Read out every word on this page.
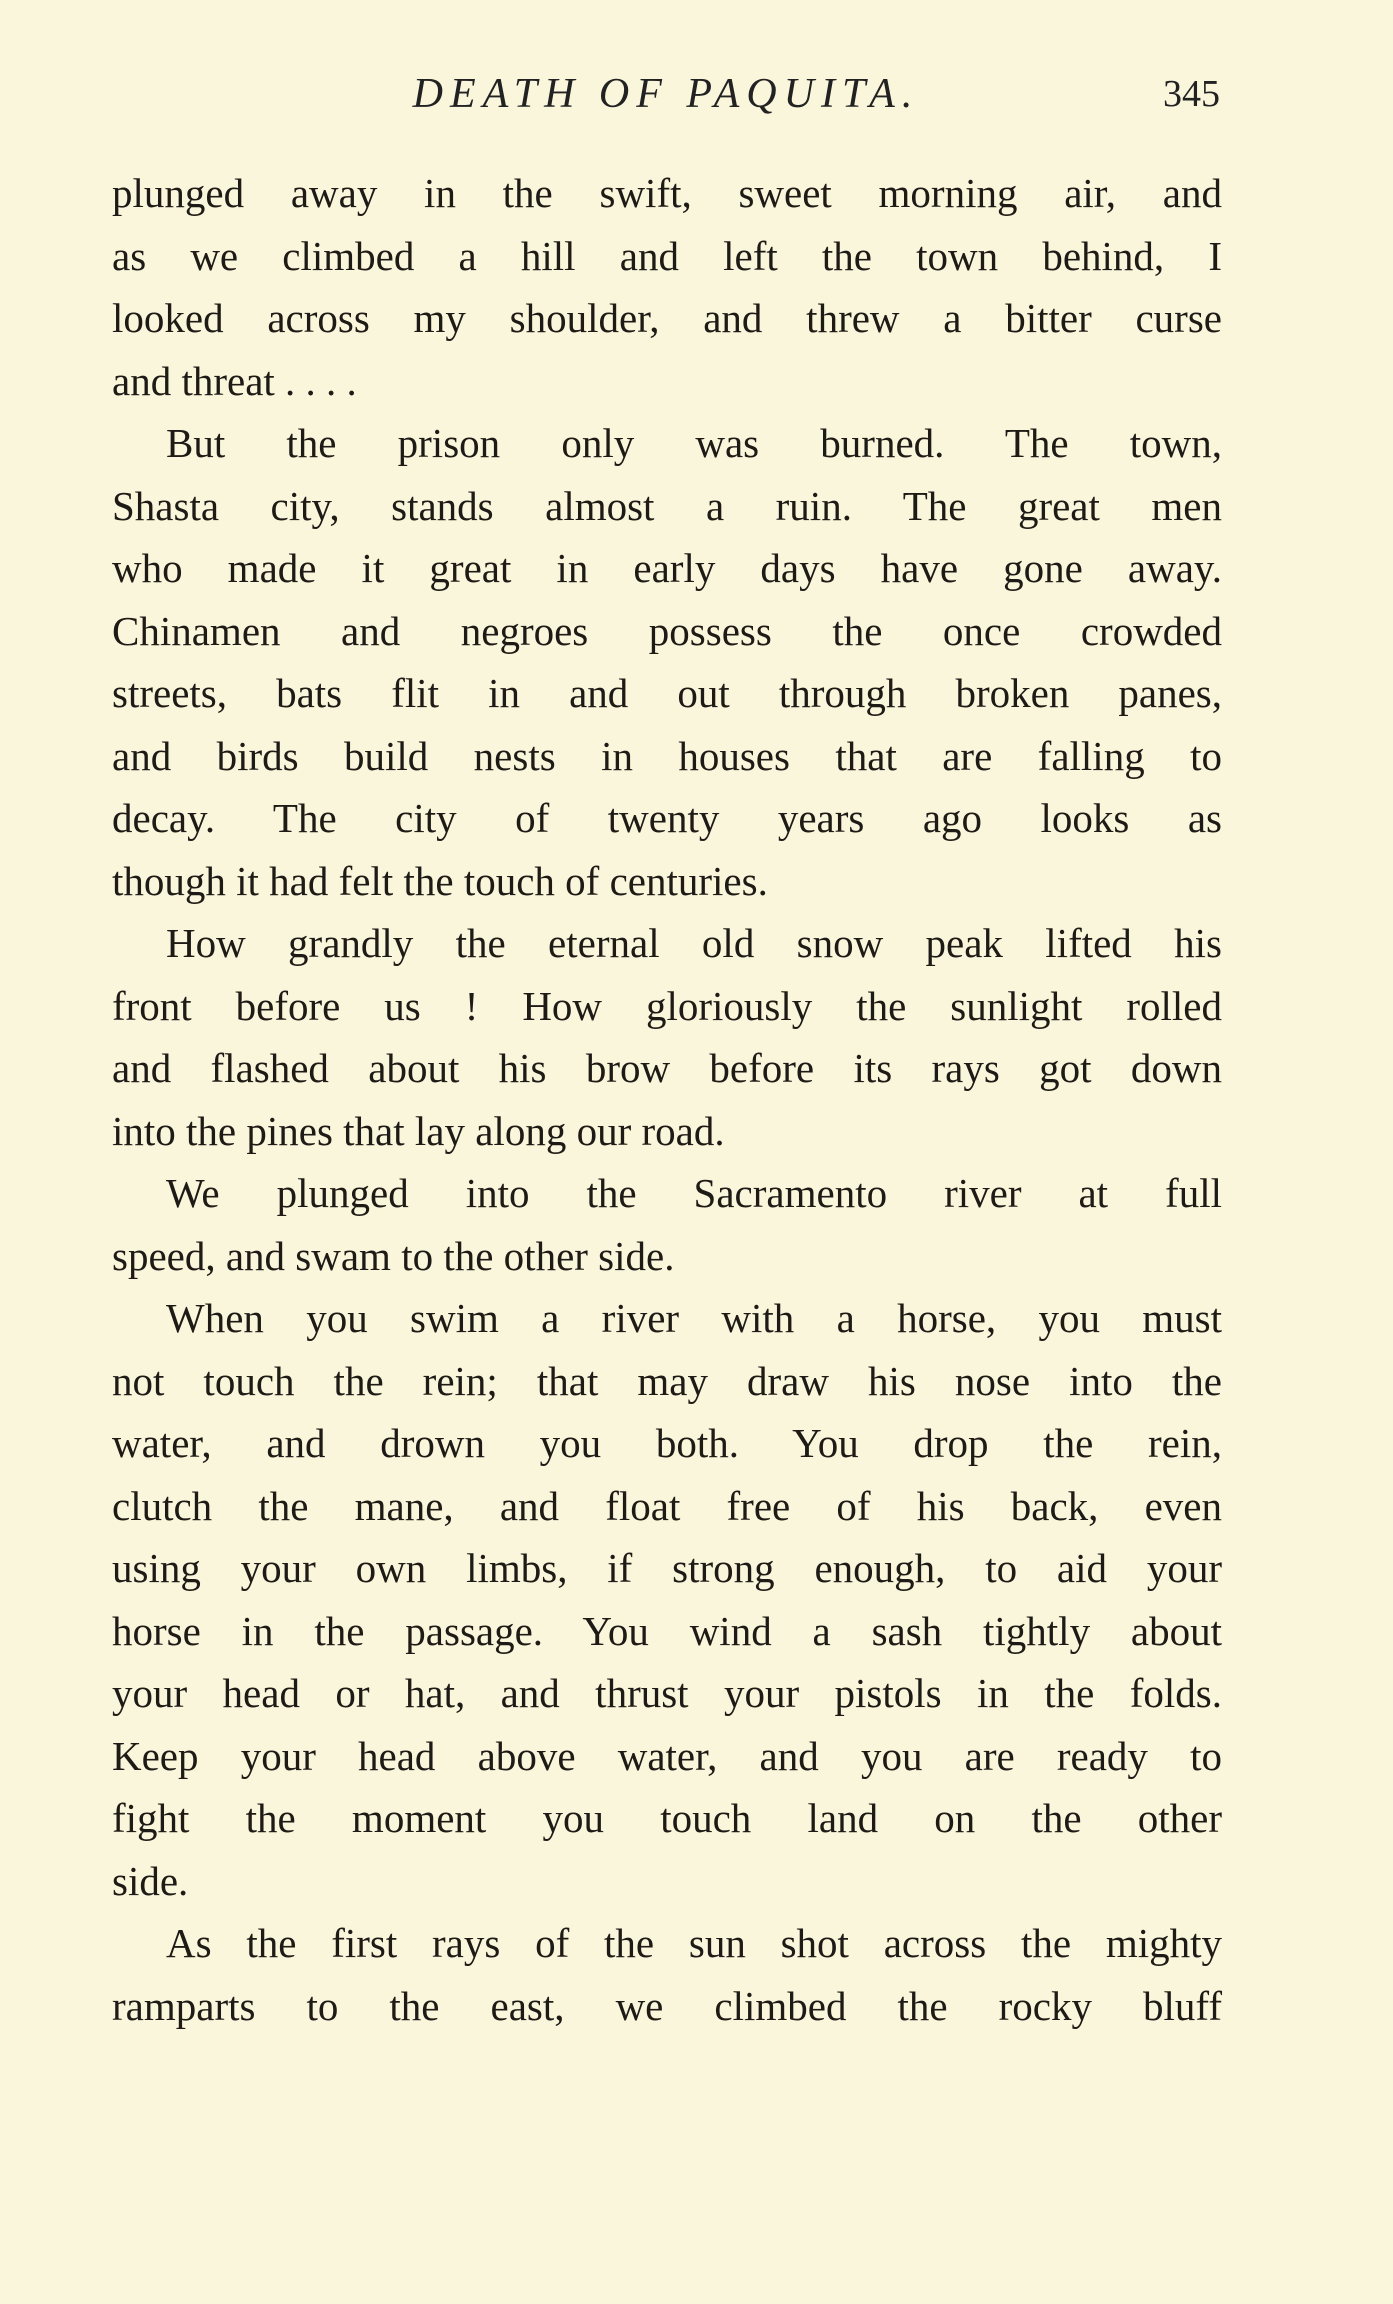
DEATH OF PAQUITA.	345
plunged away in the swift, sweet morning air, and
as we climbed a hill and left the town behind, I
looked across my shoulder, and threw a bitter curse
and threat . . . .
But the prison only was burned. The town,
Shasta city, stands almost a ruin. The great men
who made it great in early days have gone away.
Chinamen and negroes possess the once crowded
streets, bats flit in and out through broken panes,
and birds build nests in houses that are falling to
decay. The city of twenty years ago looks as
though it had felt the touch of centuries.
How grandly the eternal old snow peak lifted his
front before us ! How gloriously the sunlight rolled
and flashed about his brow before its rays got down
into the pines that lay along our road.
We plunged into the Sacramento river at full
speed, and swam to the other side.
When you swim a river with a horse, you must
not touch the rein; that may draw his nose into the
water, and drown you both. You drop the rein,
clutch the mane, and float free of his back, even
using your own limbs, if strong enough, to aid your
horse in the passage. You wind a sash tightly about
your head or hat, and thrust your pistols in the folds.
Keep your head above water, and you are ready to
fight the moment you touch land on the other
side.
As the first rays of the sun shot across the mighty
ramparts to the east, we climbed the rocky bluff
